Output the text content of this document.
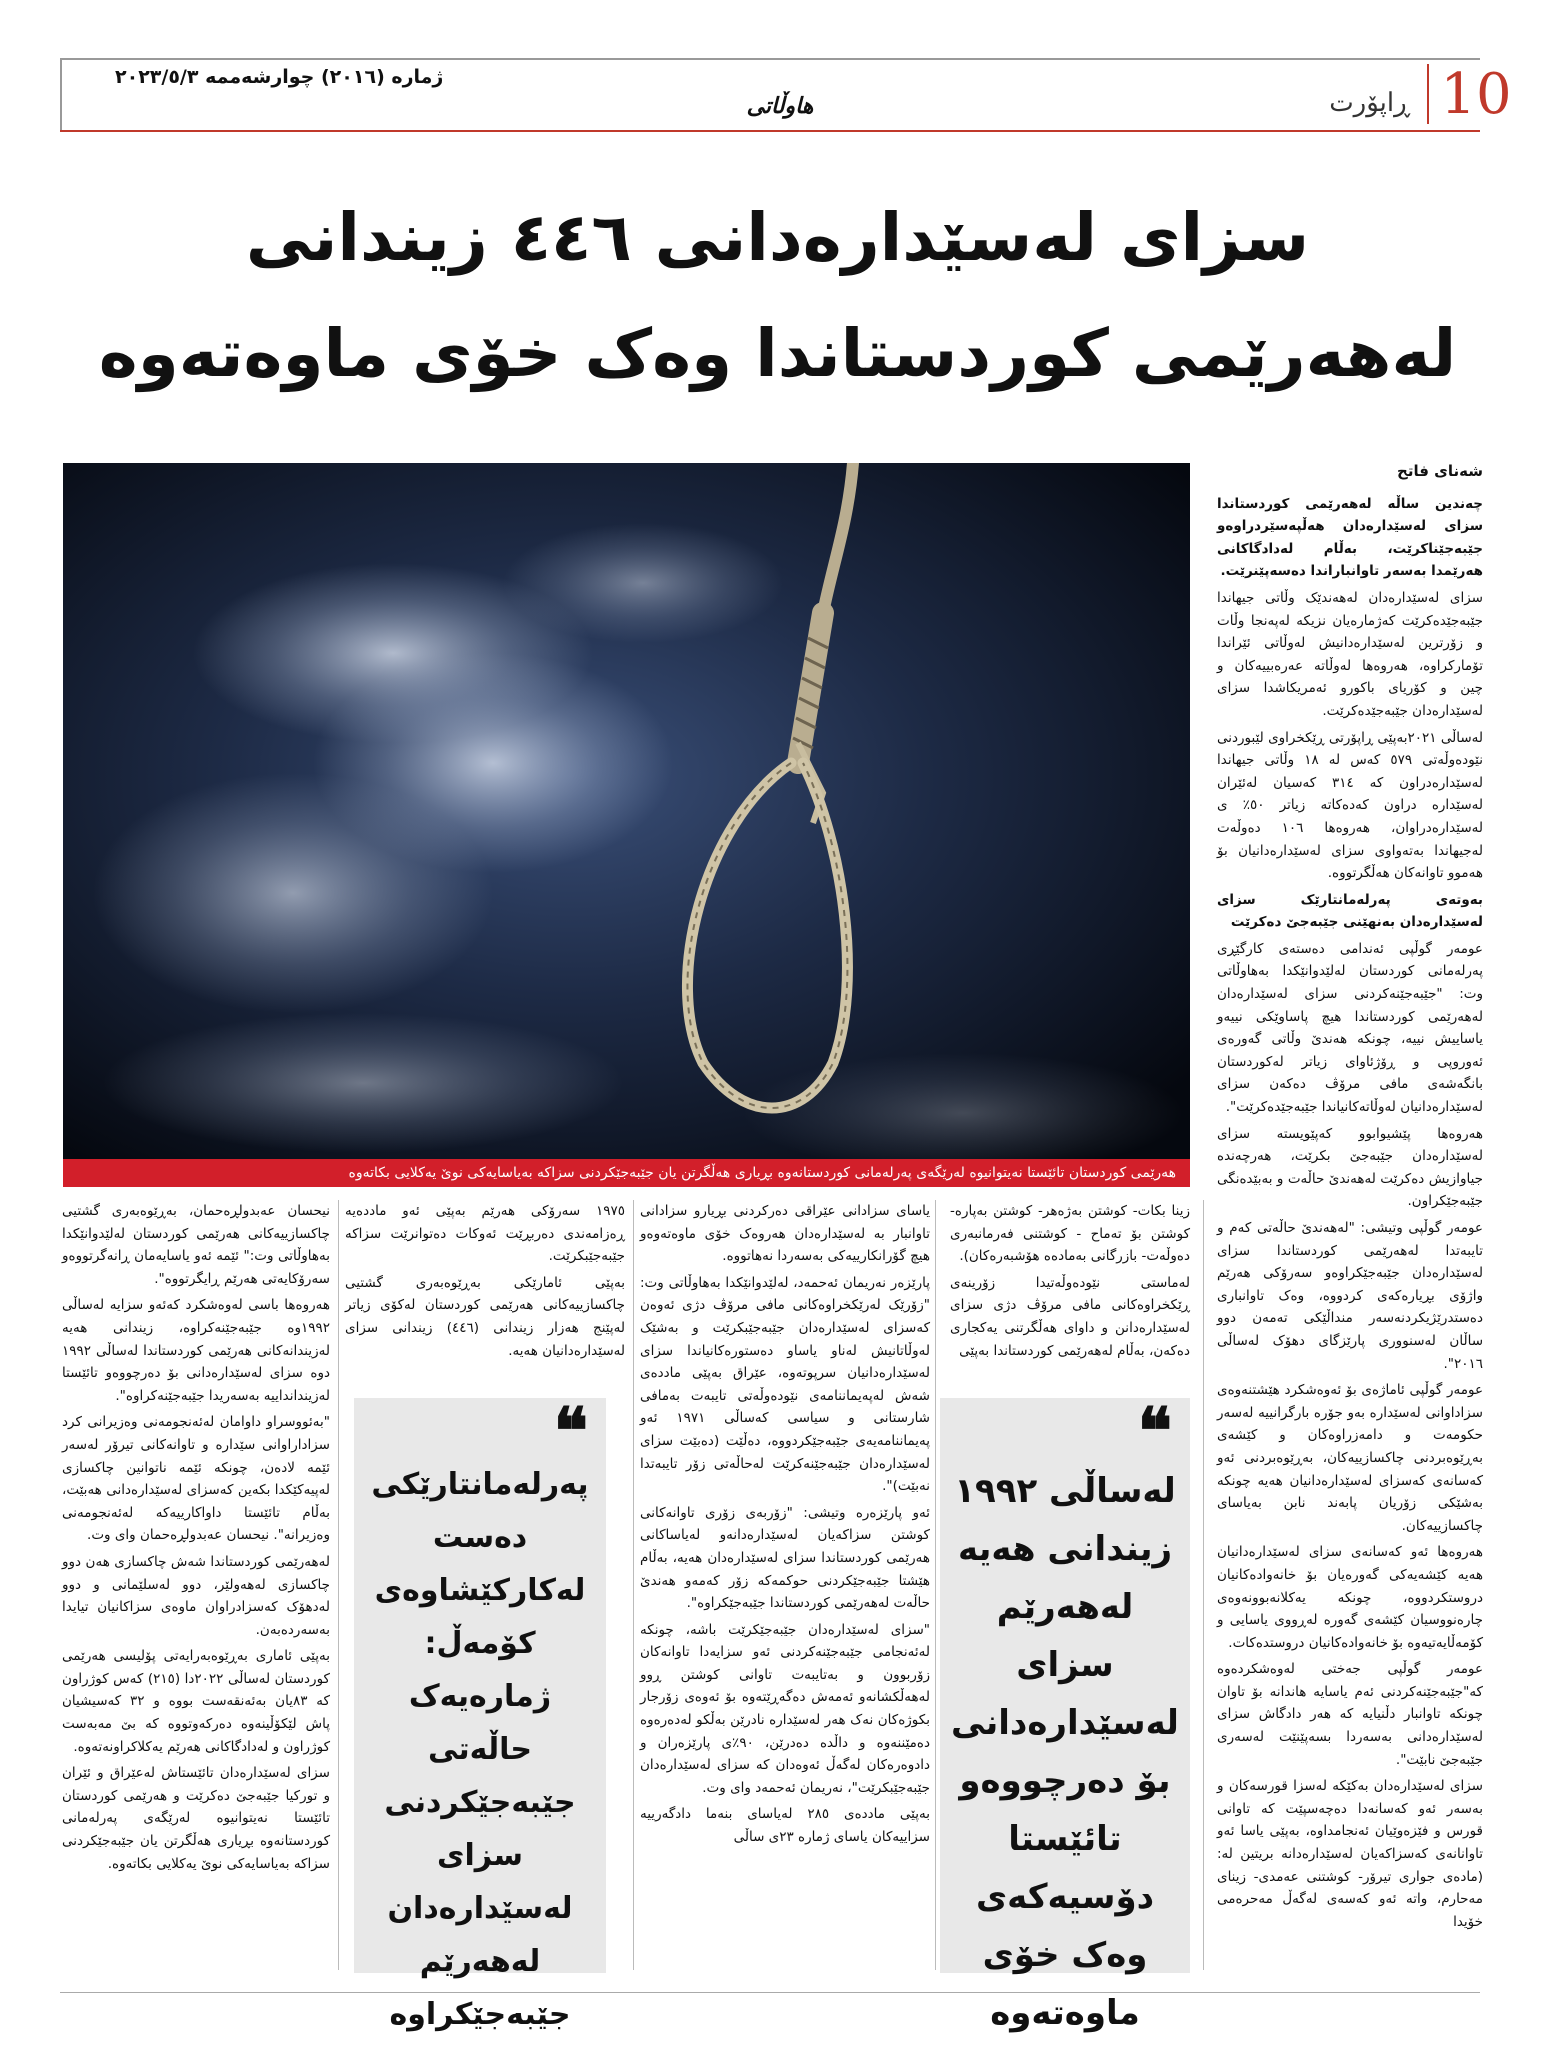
10
ڕاپۆرت
هاوڵاتی
ژمارە (٢٠١٦) چوارشەممە ٢٠٢٣/٥/٣
سزای لەسێدارەدانی ٤٤٦ زیندانی
لەهەرێمی کوردستاندا وەک خۆی ماوەتەوە
هەرێمی کوردستان تائێستا نەیتوانیوە لەرێگەی پەرلەمانی کوردستانەوە بڕیاری هەڵگرتن یان جێبەجێکردنی سزاکە بەیاسایەکی نوێ یەکلایی بکاتەوە
شەنای فاتح

چەندین ساڵە لەهەرێمی کوردستاندا سزای لەسێدارەدان هەڵپەسێردراوەو جێبەجێناکرێت، بەڵام لەدادگاکانی هەرێمدا بەسەر تاوانباراندا دەسەپێنرێت.

سزای لەسێدارەدان لەهەندێک وڵاتی جیهاندا جێبەجێدەکرێت کەژمارەیان نزیکە لەپەنجا وڵات و زۆرترین لەسێدارەدانیش لەوڵاتی ئێراندا تۆمارکراوە، هەروەها لەوڵاتە عەرەبییەکان و چین و کۆریای باکورو ئەمریکاشدا سزای لەسێدارەدان جێبەجێدەکرێت.

لەساڵی ٢٠٢١بەپێی ڕاپۆرتی ڕێکخراوی لێبوردنی نێودەوڵەتی ٥٧٩ کەس لە ١٨ وڵاتی جیهاندا لەسێدارەدراون کە ٣١٤ کەسیان لەئێران لەسێدارە دراون کەدەکاتە زیاتر ٥٠٪ ی لەسێدارەدراوان، هەروەها ١٠٦ دەوڵەت لەجیهاندا بەتەواوی سزای لەسێدارەدانیان بۆ هەموو تاوانەکان هەڵگرتووە.

بەوتەی پەرلەمانتارێک سزای لەسێدارەدان بەنهێنی جێبەجێ دەکرێت

عومەر گوڵپی ئەندامی دەستەی کارگێڕی پەرلەمانی کوردستان لەلێدوانێکدا بەهاوڵاتی وت: "جێبەجێنەکردنی سزای لەسێدارەدان لەهەرێمی کوردستاندا هیچ پاساوێکی نییەو یاساییش نییە، چونکە هەندێ وڵاتی گەورەی ئەوروپی و ڕۆژئاوای زیاتر لەکوردستان بانگەشەی مافی مرۆڤ دەکەن سزای لەسێدارەدانیان لەوڵاتەکانیاندا جێبەجێدەکرێت".

هەروەها پێشیوابوو کەپێویستە سزای لەسێدارەدان جێبەجێ بکرێت، هەرچەندە جیاوازیش دەکرێت لەهەندێ حاڵەت و بەبێدەنگی جێبەجێکراون.

عومەر گوڵپی وتیشی: "لەهەندێ حاڵەتی کەم و تایبەتدا لەهەرێمی کوردستاندا سزای لەسێدارەدان جێبەجێکراوەو سەرۆکی هەرێم واژۆی بڕیارەکەی کردووە، وەک تاوانباری دەستدرێژیکردنەسەر منداڵێکی تەمەن دوو ساڵان لەسنووری پارێزگای دهۆک لەساڵی ٢٠١٦".

عومەر گوڵپی ئاماژەی بۆ ئەوەشکرد هێشتنەوەی سزاداوانی لەسێدارە بەو جۆرە بارگرانییە لەسەر حکومەت و دامەزراوەکان و کێشەی بەڕێوەبردنی چاکسازییەکان، بەڕێوەبردنی ئەو کەسانەی کەسزای لەسێدارەدانیان هەیە چونکە بەشێکی زۆریان پابەند نابن بەیاسای چاکسازییەکان.

هەروەها ئەو کەسانەی سزای لەسێدارەدانیان هەیە کێشەیەکی گەورەیان بۆ خانەوادەکانیان دروستکردووە، چونکە یەکلانەبوونەوەی چارەنووسیان کێشەی گەورە لەڕووی یاسایی و کۆمەڵایەتیەوە بۆ خانەوادەکانیان دروستدەکات.

عومەر گوڵپی جەختی لەوەشکردەوە کە"جێبەجێنەکردنی ئەم یاسایە هاندانە بۆ تاوان چونکە تاوانبار دڵنیایە کە هەر دادگاش سزای لەسێدارەدانی بەسەردا بسەپێنێت لەسەری جێبەجێ نابێت".

سزای لەسێدارەدان بەکێکە لەسزا قورسەکان و بەسەر ئەو کەسانەدا دەچەسپێت کە تاوانی قورس و فێزەوێیان ئەنجامداوە، بەپێی یاسا ئەو تاوانانەی کەسزاکەیان لەسێدارەدانە بریتین لە: (مادەی جواری تیرۆر- کوشتنی عەمدی- زینای مەحارم، واتە ئەو کەسەی لەگەڵ مەحرەمی خۆیدا

زینا بکات- کوشتن بەژەهر- کوشتن بەپارە- کوشتن بۆ تەماح - کوشتنی فەرمانبەری دەوڵەت- بازرگانی بەمادەە هۆشبەرەکان).

لەماستی نێودەوڵەتیدا زۆرینەی ڕێکخراوەکانی مافی مرۆڤ دژی سزای لەسێدارەدانن و داوای هەڵگرتنی یەکجاری دەکەن، بەڵام لەهەرێمی کوردستاندا بەپێی

یاسای سزادانی عێراقی دەرکردنی بڕیارو سزادانی تاوانبار بە لەسێدارەدان هەروەک خۆی ماوەتەوەو هیچ گۆرانکارییەکی بەسەردا نەهاتووە.

پارێزەر نەریمان ئەحمەد، لەلێدوانێکدا بەهاوڵاتی وت: "زۆرێک لەرێکخراوەکانی مافی مرۆڤ دژی ئەوەن کەسزای لەسێدارەدان جێبەجێبکرێت و بەشێک لەوڵاتانیش لەناو یاساو دەستورەکانیاندا سزای لەسێدارەدانیان سرپوتەوە، عێراق بەپێی ماددەی شەش لەپەیماننامەی نێودەوڵەتی تایبەت بەمافی شارستانی و سیاسی کەساڵی ١٩٧١ ئەو پەیماننامەیەی جێبەجێکردووە، دەڵێت (دەبێت سزای لەسێدارەدان جێبەجێنەکرێت لەحاڵەتی زۆر تایبەتدا نەبێت)".

ئەو پارێزەرە وتیشی: "زۆربەی زۆری تاوانەکانی کوشتن سزاکەیان لەسێدارەدانەو لەیاساکانی هەرێمی کوردستاندا سزای لەسێدارەدان هەیە، بەڵام هێشتا جێبەجێکردنی حوکمەکە زۆر کەمەو هەندێ حاڵەت لەهەرێمی کوردستاندا جێبەجێکراوە".

"سزای لەسێدارەدان جێبەجێکرێت باشە، چونکە لەئەنجامی جێبەجێنەکردنی ئەو سزایەدا تاوانەکان زۆربوون و بەتایبەت تاوانی کوشتن ڕوو لەهەڵکشانەو ئەمەش دەگەڕێتەوە بۆ ئەوەی زۆرجار بکوژەکان نەک هەر لەسێدارە نادرێن بەڵکو لەدەرەوە دەمێننەوە و داڵدە دەدرێن، ٩٠٪ی پارێزەران و دادوەرەکان لەگەڵ ئەوەدان کە سزای لەسێدارەدان جێبەجێبکرێت"، نەریمان ئەحمەد وای وت.

بەپێی ماددەی ٢٨٥ لەیاسای بنەما دادگەرییە سزاییەکان یاسای ژمارە ٢٣ی ساڵی

١٩٧٥ سەرۆکی هەرێم بەپێی ئەو ماددەیە ڕەزامەندی دەربڕێت ئەوکات دەتوانرێت سزاکە جێبەجێبکرێت.

بەپێی ئامارێکی بەڕێوەبەری گشتیی چاکسازییەکانی هەرێمی کوردستان لەکۆی زیاتر لەپێنج هەزار زیندانی (٤٤٦) زیندانی سزای لەسێدارەدانیان هەیە.

نیحسان عەبدولڕەحمان، بەڕێوەبەری گشتیی چاکسازییەکانی هەرێمی کوردستان لەلێدوانێکدا بەهاوڵاتی وت:" ئێمە ئەو یاسایەمان ڕانەگرتووەو سەرۆکایەتی هەرێم ڕایگرتووە".

هەروەها باسی لەوەشکرد کەئەو سزایە لەساڵی ١٩٩٢وە جێبەجێنەکراوە، زیندانی هەیە لەزیندانەکانی هەرێمی کوردستاندا لەساڵی ١٩٩٢ دوە سزای لەسێدارەدانی بۆ دەرچووەو تائێستا لەزیندانداییە بەسەریدا جێبەجێنەکراوە".

"بەئووسراو داوامان لەئەنجومەنی وەزیرانی کرد سزاداراوانی سێدارە و تاوانەکانی تیرۆر لەسەر ئێمە لادەن، چونکە ئێمە ناتوانین چاکسازی لەپیەکێکدا بکەین کەسزای لەسێدارەدانی هەبێت، بەڵام تائێستا داواکارییەکە لەئەنجومەنی وەزیرانە". نیحسان عەبدولڕەحمان وای وت.

لەهەرێمی کوردستاندا شەش چاکسازی هەن دوو چاکسازی لەهەولێر، دوو لەسلێمانی و دوو لەدهۆک کەسزادراوان ماوەی سزاکانیان تیایدا بەسەردەبەن.

بەپێی ئاماری بەڕێوەبەرایەتی پۆلیسی هەرێمی کوردستان لەساڵی ٢٠٢٢دا (٢١٥) کەس کوژراون کە ٨٣یان بەئەنقەست بووە و ٣٢ کەسیشیان پاش لێکۆڵینەوە دەرکەوتووە کە بێ مەبەست کوژراون و لەدادگاکانی هەرێم یەکلاکراونەتەوە.

سزای لەسێدارەدان تائێستاش لەعێراق و ئێران و تورکیا جێبەجێ دەکرێت و هەرێمی کوردستان تائێستا نەیتوانیوە لەرێگەی پەرلەمانی کوردستانەوە بڕیاری هەڵگرتن یان جێبەجێکردنی سزاکە بەیاسایەکی نوێ یەکلایی بکاتەوە.

❝
لەساڵی ١٩٩٢ زیندانی هەیە لەهەرێم سزای لەسێدارەدانی بۆ دەرچووەو تائێستا دۆسیەکەی وەک خۆی ماوەتەوە
❝
پەرلەمانتارێکی دەست لەکارکێشاوەی کۆمەڵ: ژمارەیەک حاڵەتی جێبەجێکردنی سزای لەسێدارەدان لەهەرێم جێبەجێکراوە
